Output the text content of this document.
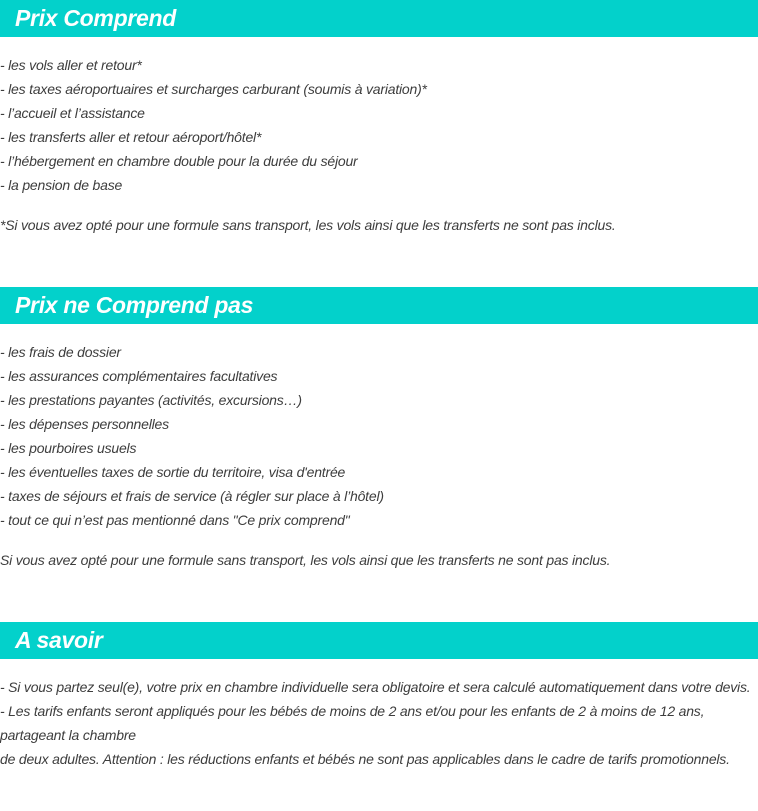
Prix Comprend
- les vols aller et retour*
- les taxes aéroportuaires et surcharges carburant (soumis à variation)*
- l’accueil et l’assistance
- les transferts aller et retour aéroport/hôtel*
- l’hébergement en chambre double pour la durée du séjour
- la pension de base

*Si vous avez opté pour une formule sans transport, les vols ainsi que les transferts ne sont pas inclus.

Prix ne Comprend pas
- les frais de dossier
- les assurances complémentaires facultatives
- les prestations payantes (activités, excursions…)
- les dépenses personnelles
- les pourboires usuels
- les éventuelles taxes de sortie du territoire, visa d'entrée
- taxes de séjours et frais de service (à régler sur place à l’hôtel)
- tout ce qui n’est pas mentionné dans "Ce prix comprend"

Si vous avez opté pour une formule sans transport, les vols ainsi que les transferts ne sont pas inclus.

A savoir

- Si vous partez seul(e), votre prix en chambre individuelle sera obligatoire et sera calculé automatiquement dans votre devis.

- Les tarifs enfants seront appliqués pour les bébés de moins de 2 ans et/ou pour les enfants de 2 à moins de 12 ans, partageant la chambre

de deux adultes. Attention : les réductions enfants et bébés ne sont pas applicables dans le cadre de tarifs promotionnels.
